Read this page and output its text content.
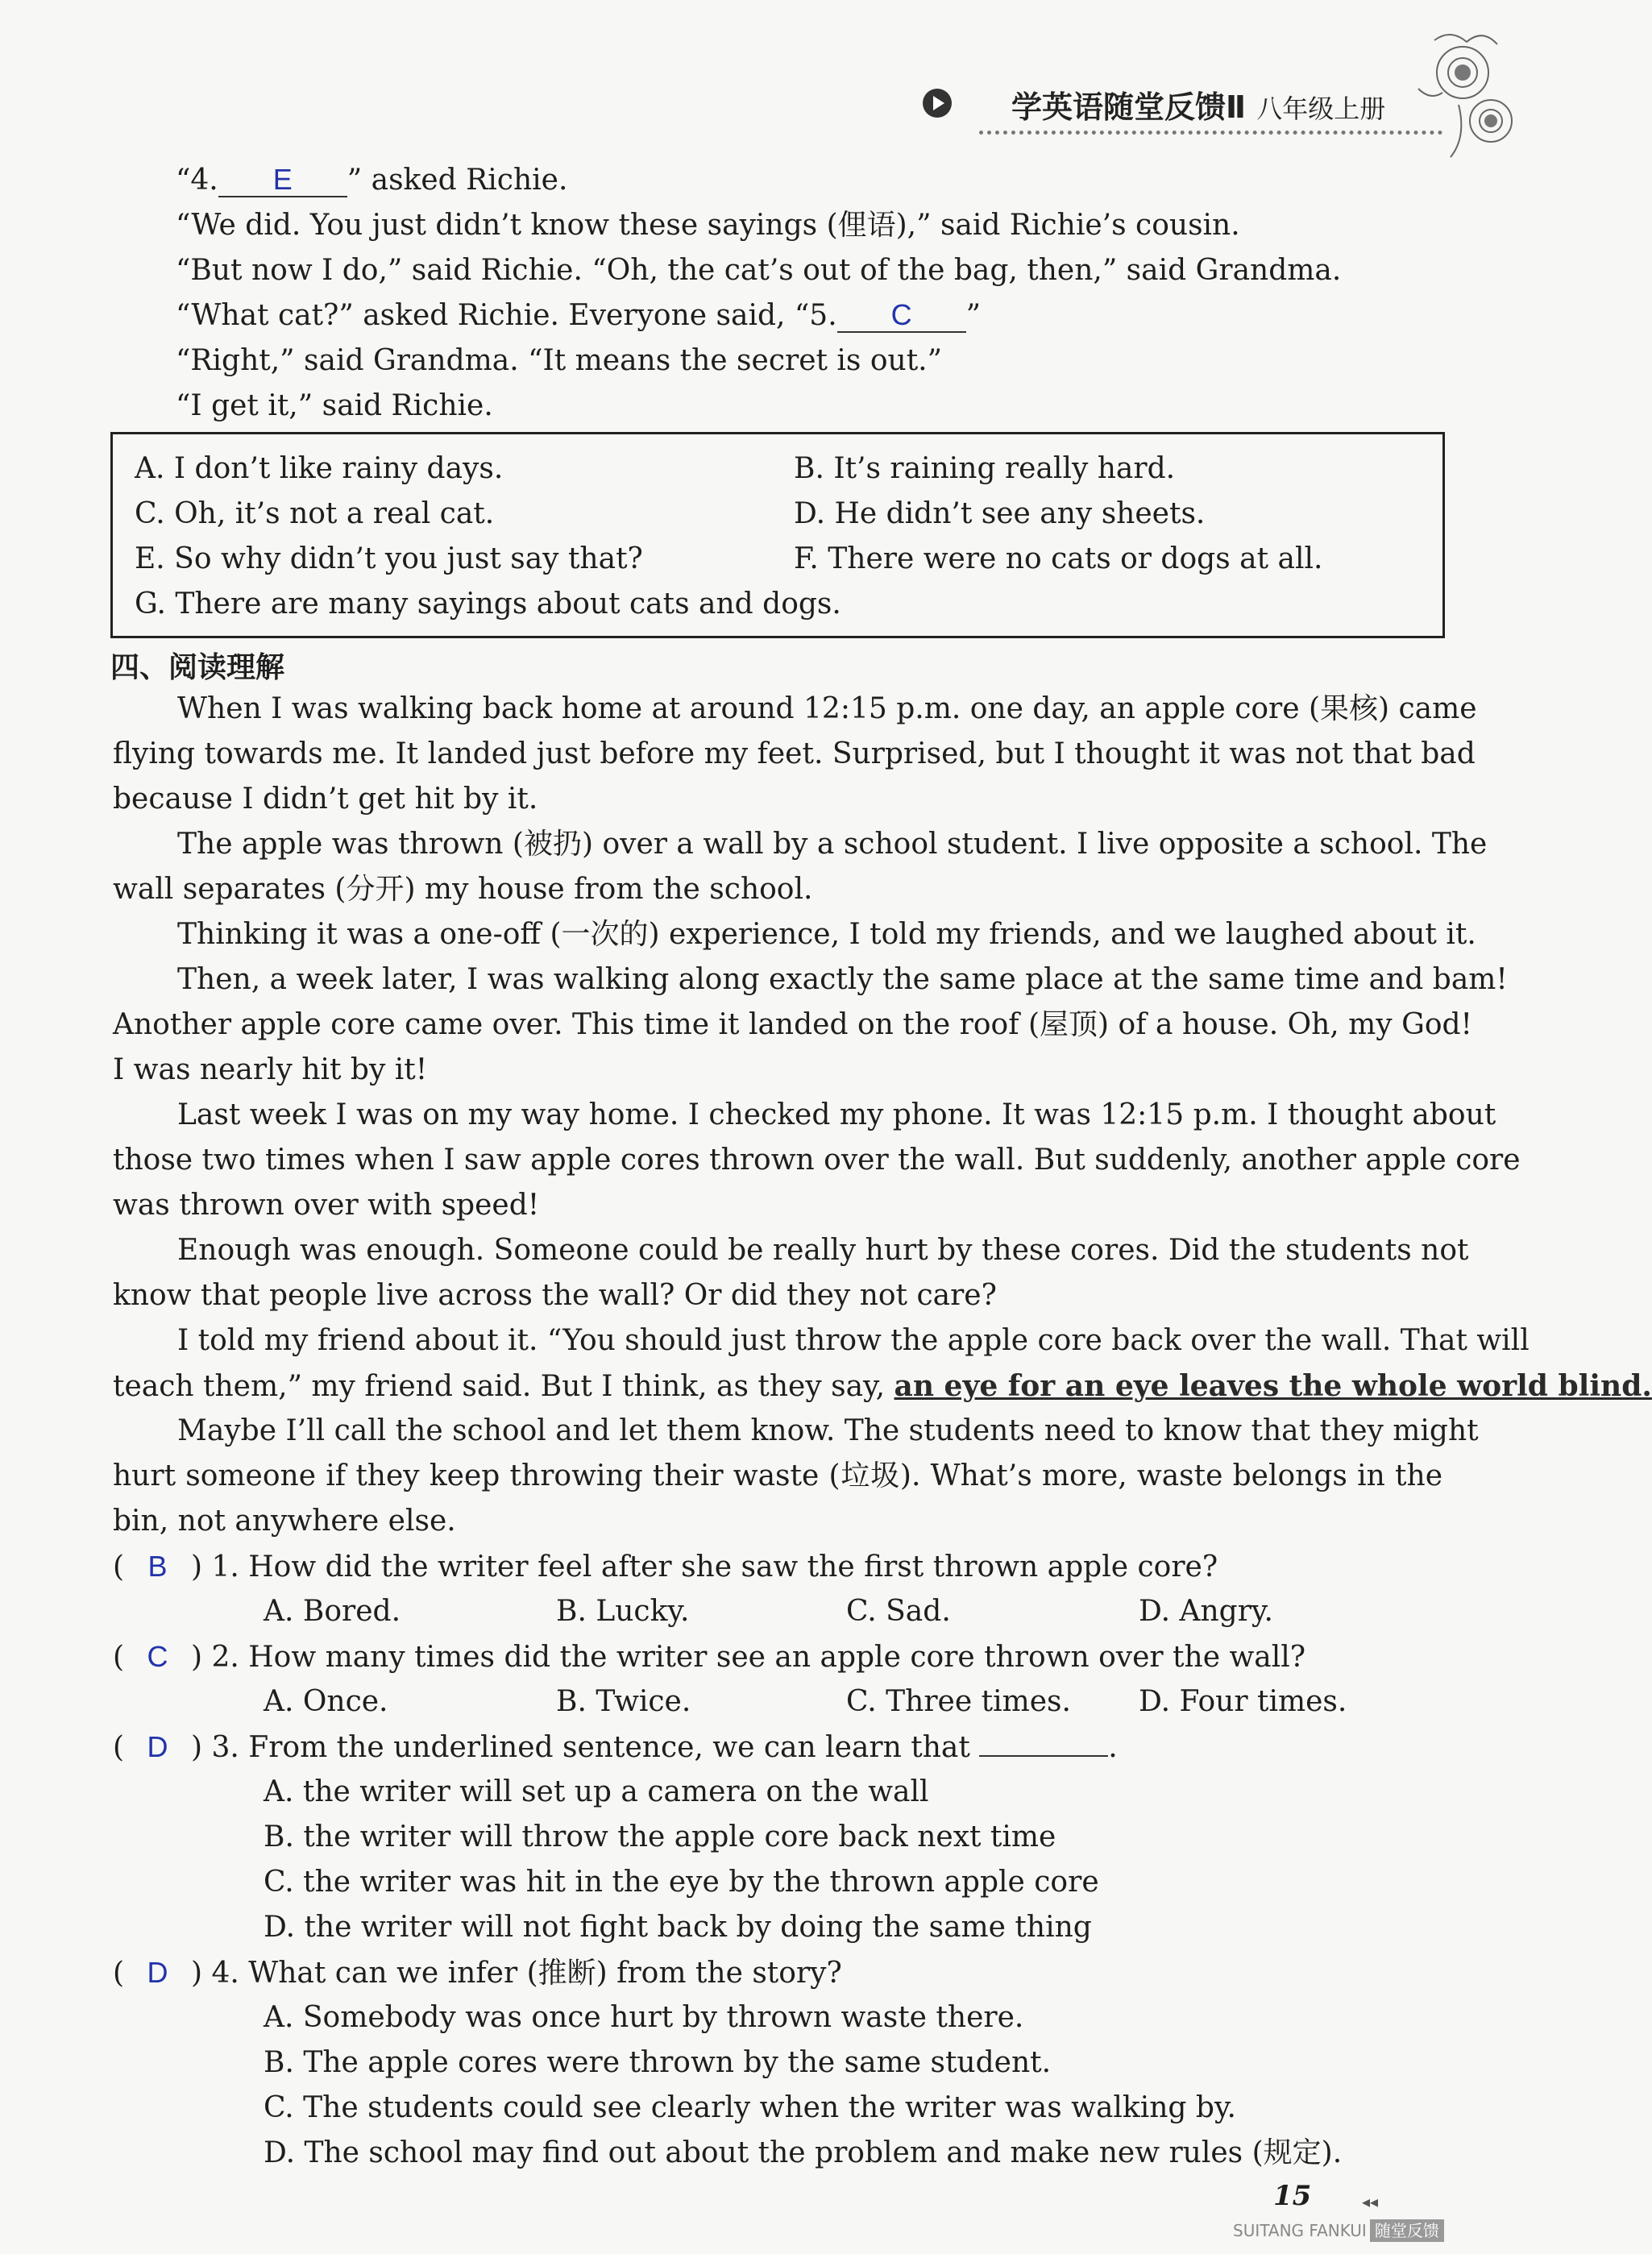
学英语随堂反馈Ⅱ 八年级上册
“4. E ” asked Richie.
“We did. You just didn’t know these sayings (俚语),” said Richie’s cousin.
“But now I do,” said Richie. “Oh, the cat’s out of the bag, then,” said Grandma.
“What cat?” asked Richie. Everyone said, “5. C ”
“Right,” said Grandma. “It means the secret is out.”
“I get it,” said Richie.
A. I don’t like rainy days.	B. It’s raining really hard.
C. Oh, it’s not a real cat.	D. He didn’t see any sheets.
E. So why didn’t you just say that?	F. There were no cats or dogs at all.
G. There are many sayings about cats and dogs.
四、阅读理解
When I was walking back home at around 12:15 p.m. one day, an apple core (果核) came
flying towards me. It landed just before my feet. Surprised, but I thought it was not that bad
because I didn’t get hit by it.
The apple was thrown (被扔) over a wall by a school student. I live opposite a school. The
wall separates (分开) my house from the school.
Thinking it was a one-off (一次的) experience, I told my friends, and we laughed about it.
Then, a week later, I was walking along exactly the same place at the same time and bam!
Another apple core came over. This time it landed on the roof (屋顶) of a house. Oh, my God!
I was nearly hit by it!
Last week I was on my way home. I checked my phone. It was 12:15 p.m. I thought about
those two times when I saw apple cores thrown over the wall. But suddenly, another apple core
was thrown over with speed!
Enough was enough. Someone could be really hurt by these cores. Did the students not
know that people live across the wall? Or did they not care?
I told my friend about it. “You should just throw the apple core back over the wall. That will
teach them,” my friend said. But I think, as they say, an eye for an eye leaves the whole world blind.
Maybe I’ll call the school and let them know. The students need to know that they might
hurt someone if they keep throwing their waste (垃圾). What’s more, waste belongs in the
bin, not anywhere else.
( B ) 1. How did the writer feel after she saw the first thrown apple core?
A. Bored.	B. Lucky.	C. Sad.	D. Angry.
( C ) 2. How many times did the writer see an apple core thrown over the wall?
A. Once.	B. Twice.	C. Three times. D. Four times.
( D ) 3. From the underlined sentence, we can learn that	.
A. the writer will set up a camera on the wall
B. the writer will throw the apple core back next time
C. the writer was hit in the eye by the thrown apple core
D. the writer will not fight back by doing the same thing
( D ) 4. What can we infer (推断) from the story?
A. Somebody was once hurt by thrown waste there.
B. The apple cores were thrown by the same student.
C. The students could see clearly when the writer was walking by.
D. The school may find out about the problem and make new rules (规定).
15	◂◂
SUITANG FANKUI 随堂反馈
